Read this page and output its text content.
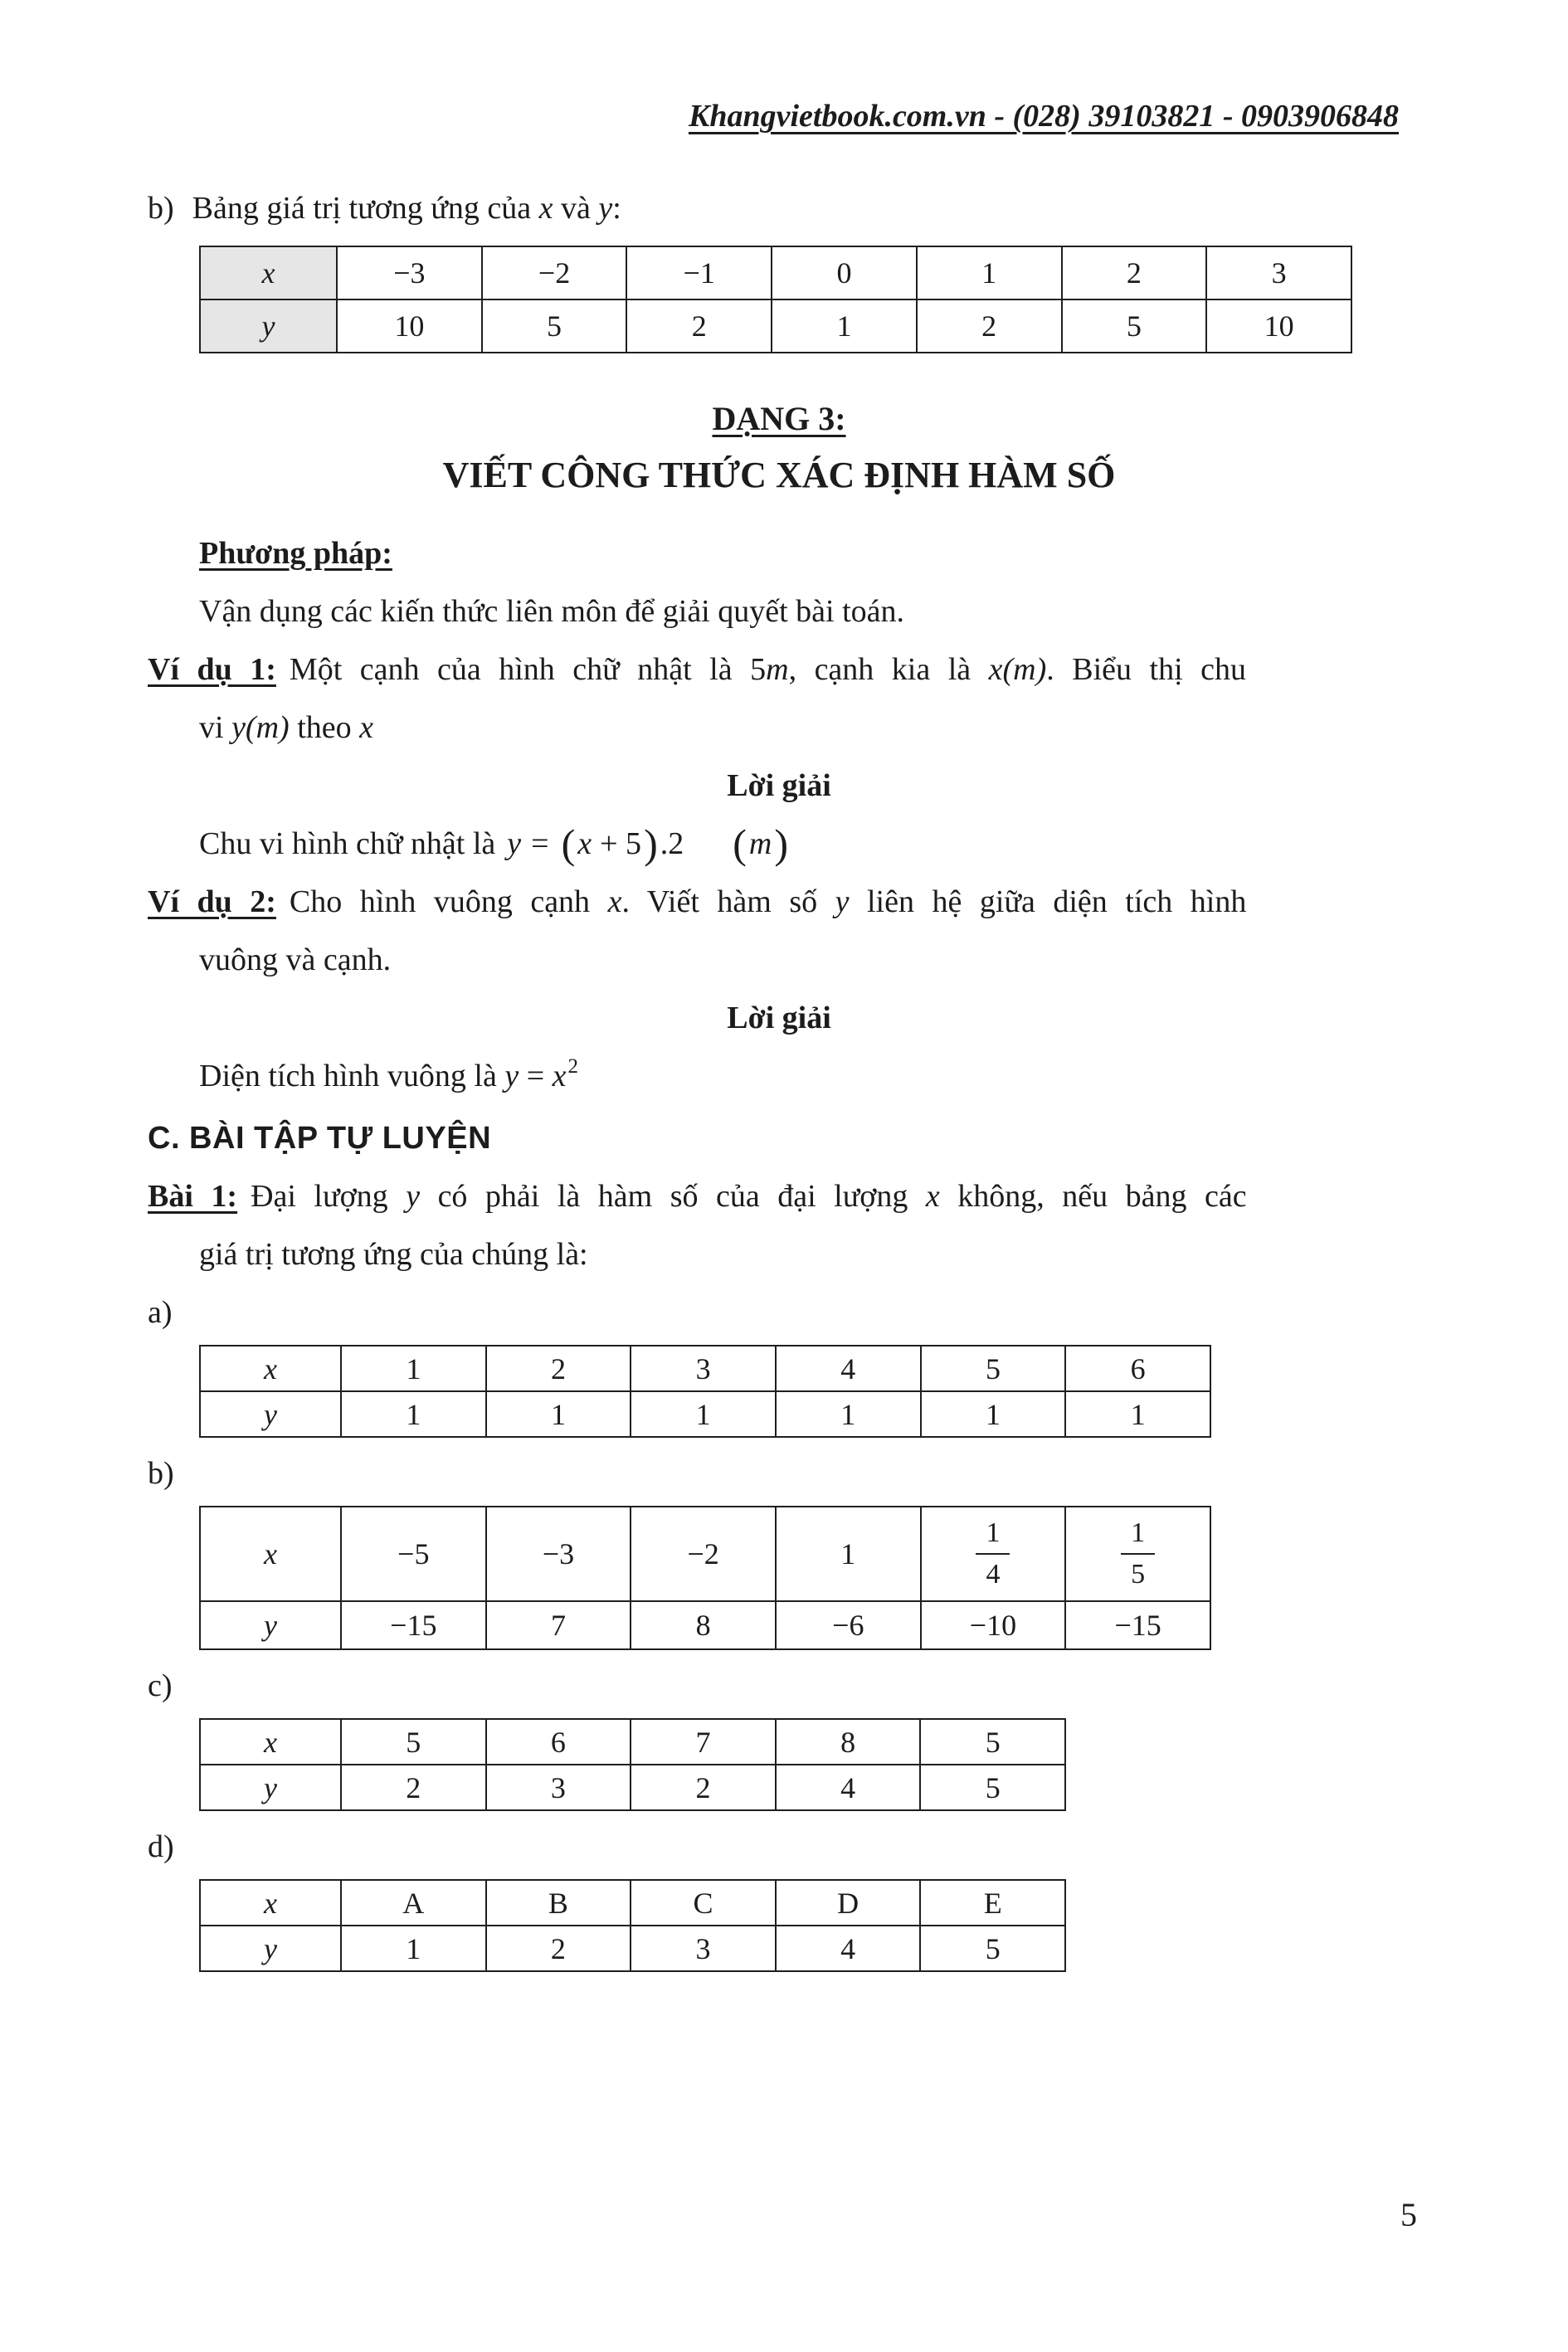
Khangvietbook.com.vn - (028) 39103821 - 0903906848
b) Bảng giá trị tương ứng của x và y:
x	−3	−2	−1	0	1	2	3
y	10	5	2	1	2	5	10
DẠNG 3:
VIẾT CÔNG THỨC XÁC ĐỊNH HÀM SỐ
Phương pháp:
Vận dụng các kiến thức liên môn để giải quyết bài toán.
Ví dụ 1: Một cạnh của hình chữ nhật là 5m, cạnh kia là x(m). Biểu thị chu
vi y(m) theo x
Lời giải
Chu vi hình chữ nhật là y = ( x + 5 ) .2 ( m )
Ví dụ 2: Cho hình vuông cạnh x. Viết hàm số y liên hệ giữa diện tích hình
vuông và cạnh.
Lời giải
Diện tích hình vuông là $y = x^2$
C. BÀI TẬP TỰ LUYỆN
Bài 1: Đại lượng y có phải là hàm số của đại lượng x không, nếu bảng các
giá trị tương ứng của chúng là:
a)
x	1	2	3	4	5	6
y	1	1	1	1	1	1
b)
x	−5	−3	−2	1	$\frac{1}{4}$	$\frac{1}{5}$

y	−15	7	8	−6	−10	−15
c)
x	5	6	7	8	5
y	2	3	2	4	5
d)
x	A	B	C	D	E
y	1	2	3	4	5
5
